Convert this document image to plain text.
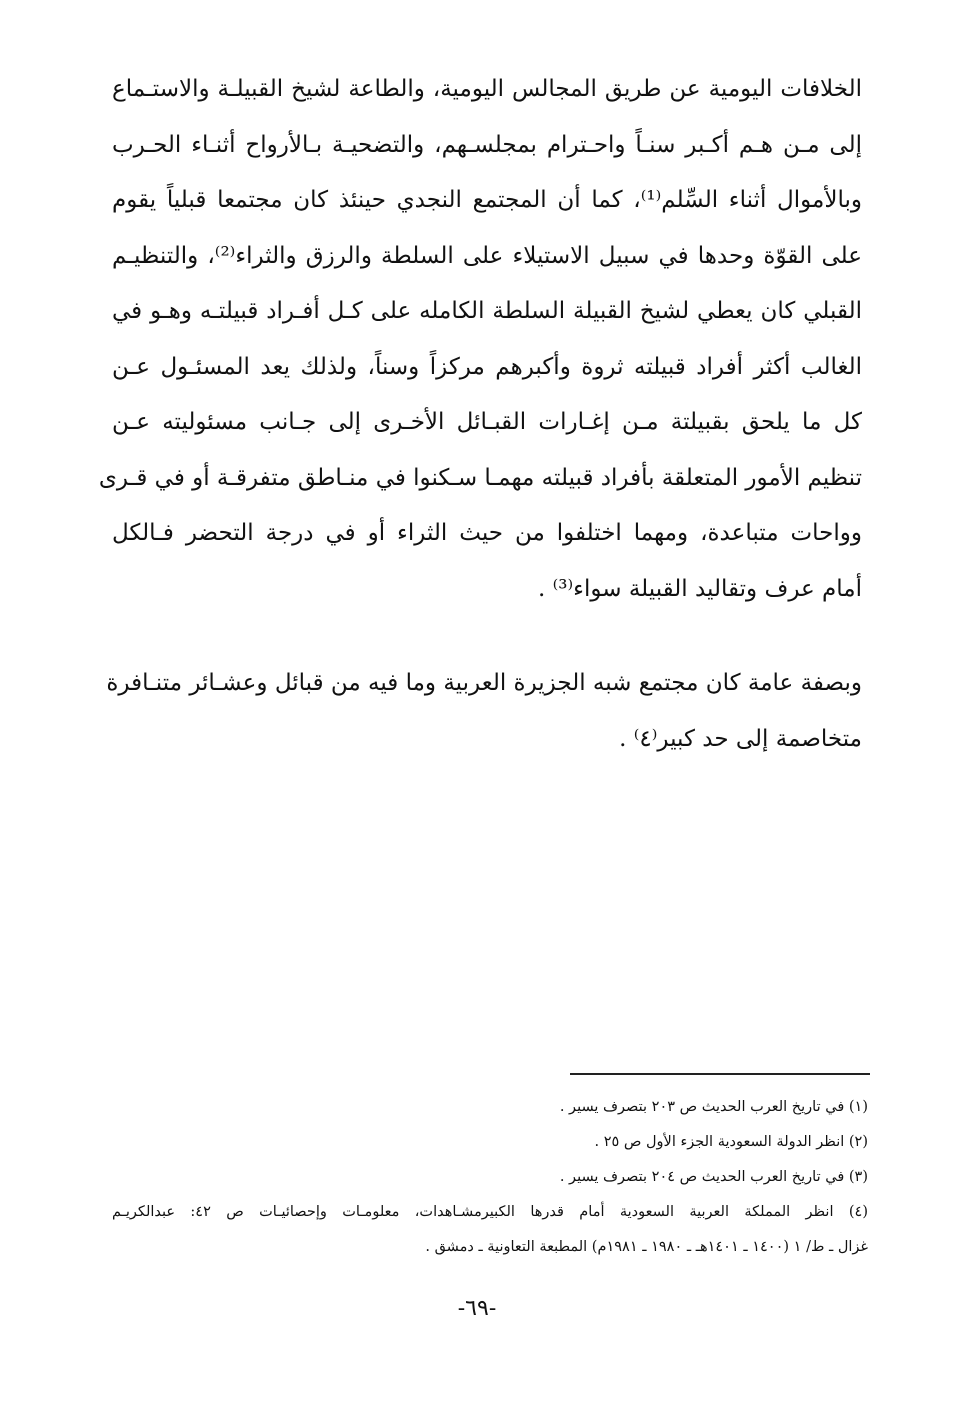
الخلافات اليومية عن طريق المجالس اليومية، والطاعة لشيخ القبيلـة والاستـماع
إلى مـن هـم أكـبر سنـاً واحـترام بمجلسـهم، والتضحيـة بـالأرواح أثنـاء الحـرب
وبالأموال أثناء السِّلم⁽¹⁾، كما أن المجتمع النجدي حينئذ كان مجتمعا قبلياً يقوم
على القوّة وحدها في سبيل الاستيلاء على السلطة والرزق والثراء⁽²⁾، والتنظيـم
القبلي كان يعطي لشيخ القبيلة السلطة الكامله على كـل أفـراد قبيلتـه وهـو في
الغالب أكثر أفراد قبيلته ثروة وأكبرهم مركزاً وسناً، ولذلك يعد المسئـول عـن
كل ما يلحق بقبيلتة مـن إغـارات القبـائل الأخـرى إلى جـانب مسئوليته عـن
تنظيم الأمور المتعلقة بأفراد قبيلته مهمـا سـكنوا في منـاطق متفرقـة أو في قـرى
وواحات متباعدة، ومهما اختلفوا من حيث الثراء أو في درجة التحضر فـالكل
أمام عرف وتقاليد القبيلة سواء⁽³⁾ .
وبصفة عامة كان مجتمع شبه الجزيرة العربية وما فيه من قبائل وعشـائر متنـافرة
متخاصمة إلى حد كبير⁽٤⁾ .
(١) في تاريخ العرب الحديث ص ٢٠٣ بتصرف يسير .
(٢) انظر الدولة السعودية الجزء الأول ص ٢٥ .
(٣) في تاريخ العرب الحديث ص ٢٠٤ بتصرف يسير .
(٤) انظر المملكة العربية السعودية أمام قدرها الكبيرمشـاهدات، معلومـات وإحصائيـات ص ٤٢: عبدالكريـم
غزال ـ ط/ ١ (١٤٠٠ ـ ١٤٠١هـ ـ ١٩٨٠ ـ ١٩٨١م) المطبعة التعاونية ـ دمشق .
-٦٩-
